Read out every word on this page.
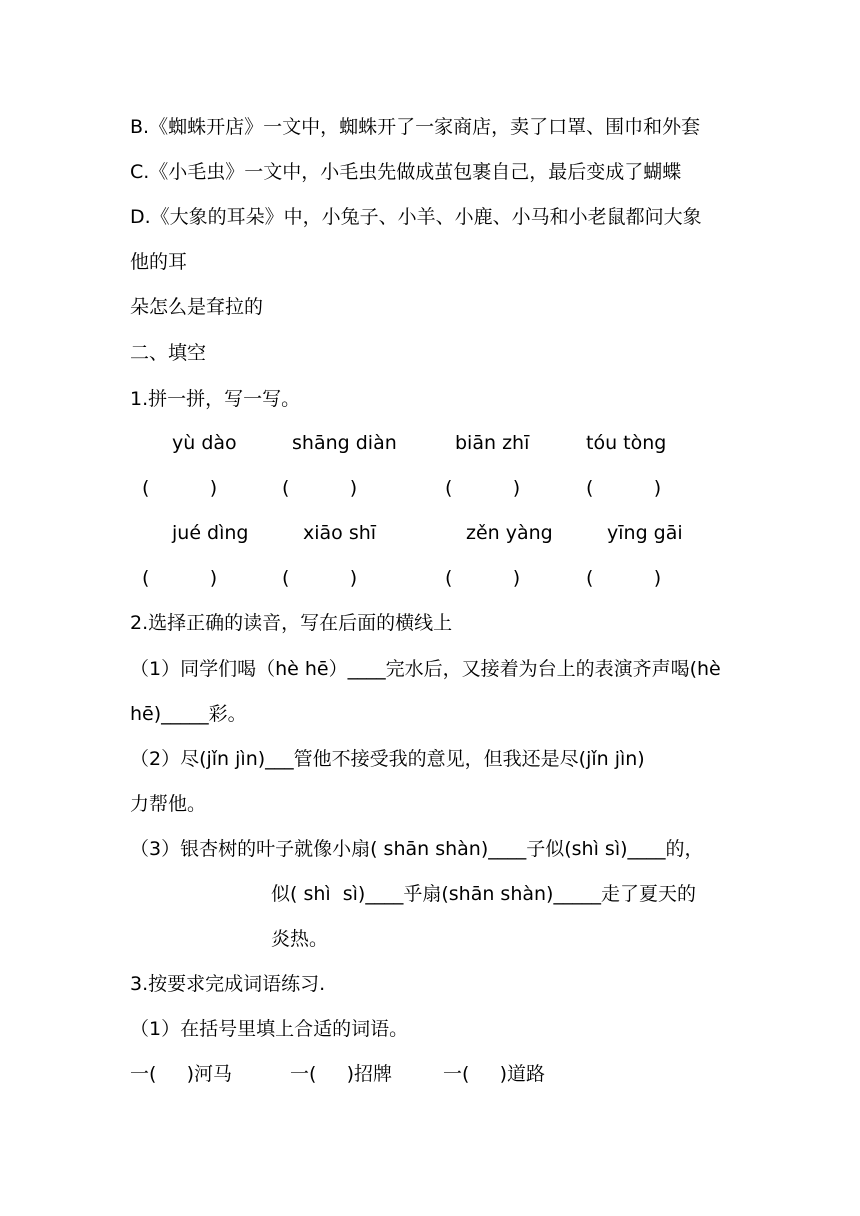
B.《蜘蛛开店》一文中，蜘蛛开了一家商店，卖了口罩、围巾和外套
C.《小毛虫》一文中，小毛虫先做成茧包裹自己，最后变成了蝴蝶
D.《大象的耳朵》中，小兔子、小羊、小鹿、小马和小老鼠都问大象
他的耳
朵怎么是耷拉的
二、填空
1.拼一拼，写一写。
yù dào	shāng diàn	biān zhī	tóu tòng
(          )	(          )	(          )	(          )
jué dìng	xiāo shī	zěn yàng	yīng gāi
(          )	(          )	(          )	(          )
2.选择正确的读音，写在后面的横线上
（1）同学们喝（hè hē）____完水后，又接着为台上的表演齐声喝(hè
hē)_____彩。
（2）尽(jǐn jìn)___管他不接受我的意见，但我还是尽(jǐn jìn)
力帮他。
（3）银杏树的叶子就像小扇( shān shàn)____子似(shì sì)____的，
似( shì  sì)____乎扇(shān shàn)_____走了夏天的
炎热。
3.按要求完成词语练习.
（1）在括号里填上合适的词语。
一(     )河马	一(     )招牌	一(     )道路
